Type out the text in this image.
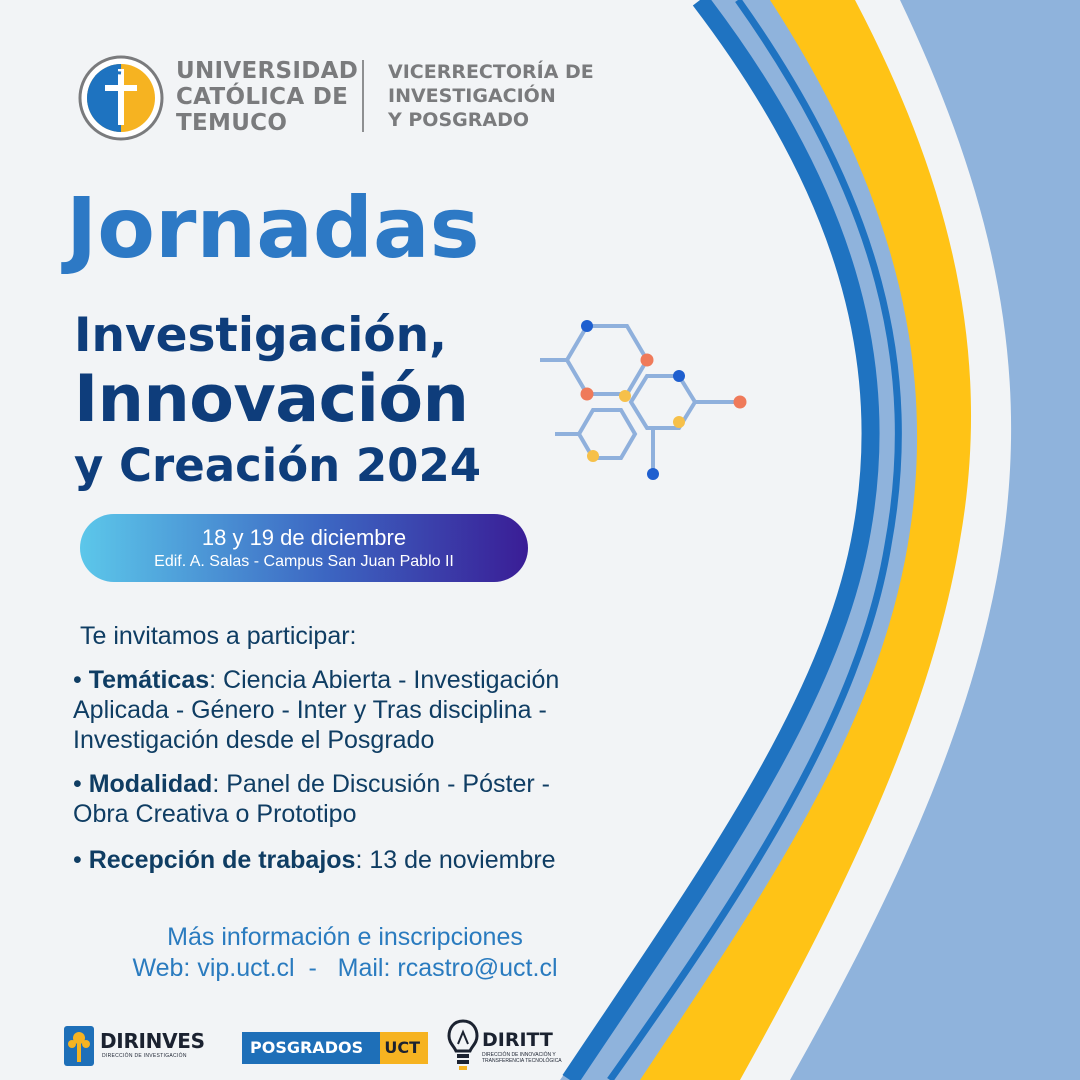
UNIVERSIDAD
CATÓLICA DE
TEMUCO
VICERRECTORÍA DE
INVESTIGACIÓN
Y POSGRADO
Jornadas
Investigación,
Innovación
y Creación 2024
18 y 19 de diciembre
Edif. A. Salas - Campus San Juan Pablo II
Te invitamos a participar:
• Temáticas: Ciencia Abierta - Investigación
Aplicada - Género - Inter y Tras disciplina -
Investigación desde el Posgrado
• Modalidad: Panel de Discusión - Póster -
Obra Creativa o Prototipo
• Recepción de trabajos: 13 de noviembre
Más información e inscripciones
Web: vip.uct.cl  -   Mail: rcastro@uct.cl
DIRINVES
DIRECCIÓN DE INVESTIGACIÓN	POSGRADOS UCT	DIRITT
DIRECCIÓN DE INNOVACIÓN Y TRANSFERENCIA TECNOLÓGICA
